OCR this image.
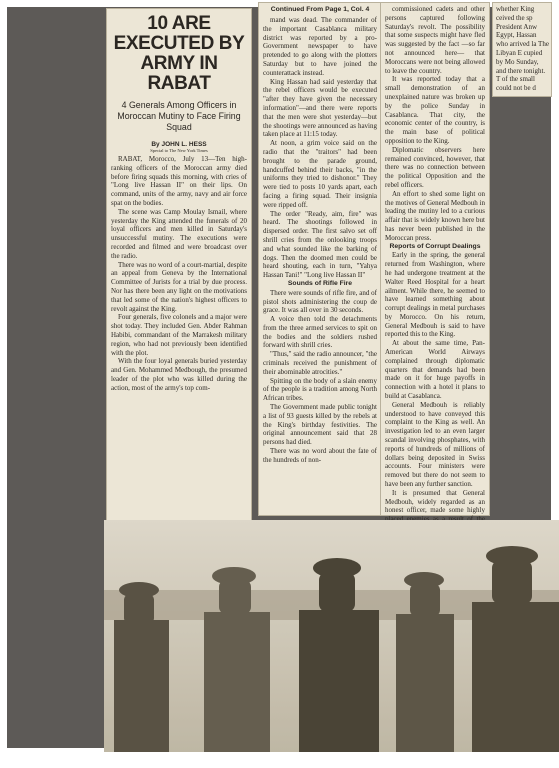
10 ARE EXECUTED BY ARMY IN RABAT
4 Generals Among Officers in Moroccan Mutiny to Face Firing Squad
By JOHN L. HESS
Special to The New York Times

RABAT, Morocco, July 13—Ten high-ranking officers of the Moroccan army died before firing squads this morning, with cries of "Long live Hassan II" on their lips. On command, units of the army, navy and air force spat on the bodies.

The scene was Camp Moulay Ismail, where yesterday the King attended the funerals of 20 loyal officers and men killed in Saturday's unsuccessful mutiny. The executions were recorded and filmed and were broadcast over the radio.

There was no word of a court-martial, despite an appeal from Geneva by the International Committee of Jurists for a trial by due process. Nor has there been any light on the motivations that led some of the nation's highest officers to revolt against the King.

Four generals, five colonels and a major were shot today. They included Gen. Abder Rahman Habibi, commandant of the Marrakesh military region, who had not previously been identified with the plot.

With the four loyal generals buried yesterday and Gen. Mohammed Medbough, the presumed leader of the plot who was killed during the action, most of the army's top com-

Continued From Page 1, Col. 4

mand was dead. The commander of the important Casablanca military district was reported by a pro-Government newspaper to have pretended to go along with the plotters Saturday but to have joined the counterattack instead.

King Hassan had said yesterday that the rebel officers would be executed "after they have given the necessary information"—and there were reports that the men were shot yesterday—but the shootings were announced as having taken place at 11:15 today.

At noon, a grim voice said on the radio that the "traitors" had been brought to the parade ground, handcuffed behind their backs, "in the uniforms they tried to dishonor." They were tied to posts 10 yards apart, each facing a firing squad. Their insignia were ripped off.

The order "Ready, aim, fire" was heard. The shootings followed in dispersed order. The first salvo set off shrill cries from the onlooking troops and what sounded like the barking of dogs. Then the doomed men could be heard shouting, each in turn, "Yahya Hassan Tani!" "Long live Hassan II"

Sounds of Rifle Fire

There were sounds of rifle fire, and of pistol shots administering the coup de grace. It was all over in 30 seconds.

A voice then told the detachments from the three armed services to spit on the bodies and the soldiers rushed forward with shrill cries.

"Thus," said the radio announcer, "the criminals received the punishment of their abominable atrocities."

Spitting on the body of a slain enemy of the people is a tradition among North African tribes.

The Government made public tonight a list of 93 guests killed by the rebels at the King's birthday festivities. The original announcement said that 28 persons had died.

There was no word about the fate of the hundreds of non-

commissioned cadets and other persons captured following Saturday's revolt. The possibility that some suspects might have fled was suggested by the fact —so far not announced here— that Moroccans were not being allowed to leave the country.

It was reported today that a small demonstration of an unexplained nature was broken up by the police Sunday in Casablanca. That city, the economic center of the country, is the main base of political opposition to the King.

Diplomatic observers here remained convinced, however, that there was no connection between the political Opposition and the rebel officers.

An effort to shed some light on the motives of General Medbouh in leading the mutiny led to a curious affair that is widely known here but has never been published in the Moroccan press.

Reports of Corrupt Dealings

Early in the spring, the general returned from Washington, where he had undergone treatment at the Walter Reed Hospital for a heart ailment. While there, he seemed to have learned something about corrupt dealings in metal purchases by Morocco. On his return, General Medbouh is said to have reported this to the King.

At about the same time, Pan-American World Airways complained through diplomatic quarters that demands had been made on it for huge payoffs in connection with a hotel it plans to build at Casablanca.

General Medbouh is reliably understood to have conveyed this complaint to the King as well. An investigation led to an even larger scandal involving phosphates, with reports of hundreds of millions of dollars being deposited in Swiss accounts. Four ministers were removed but there do not seem to have been any further sanction.

It is presumed that General Medbouh, widely regarded as an honest officer, made some highly

whether King ceived the sp President Anw Egypt, Hassan who arrived la The Libyan E cupied by Mo Sunday, and there tonight. T of the small could not be d
